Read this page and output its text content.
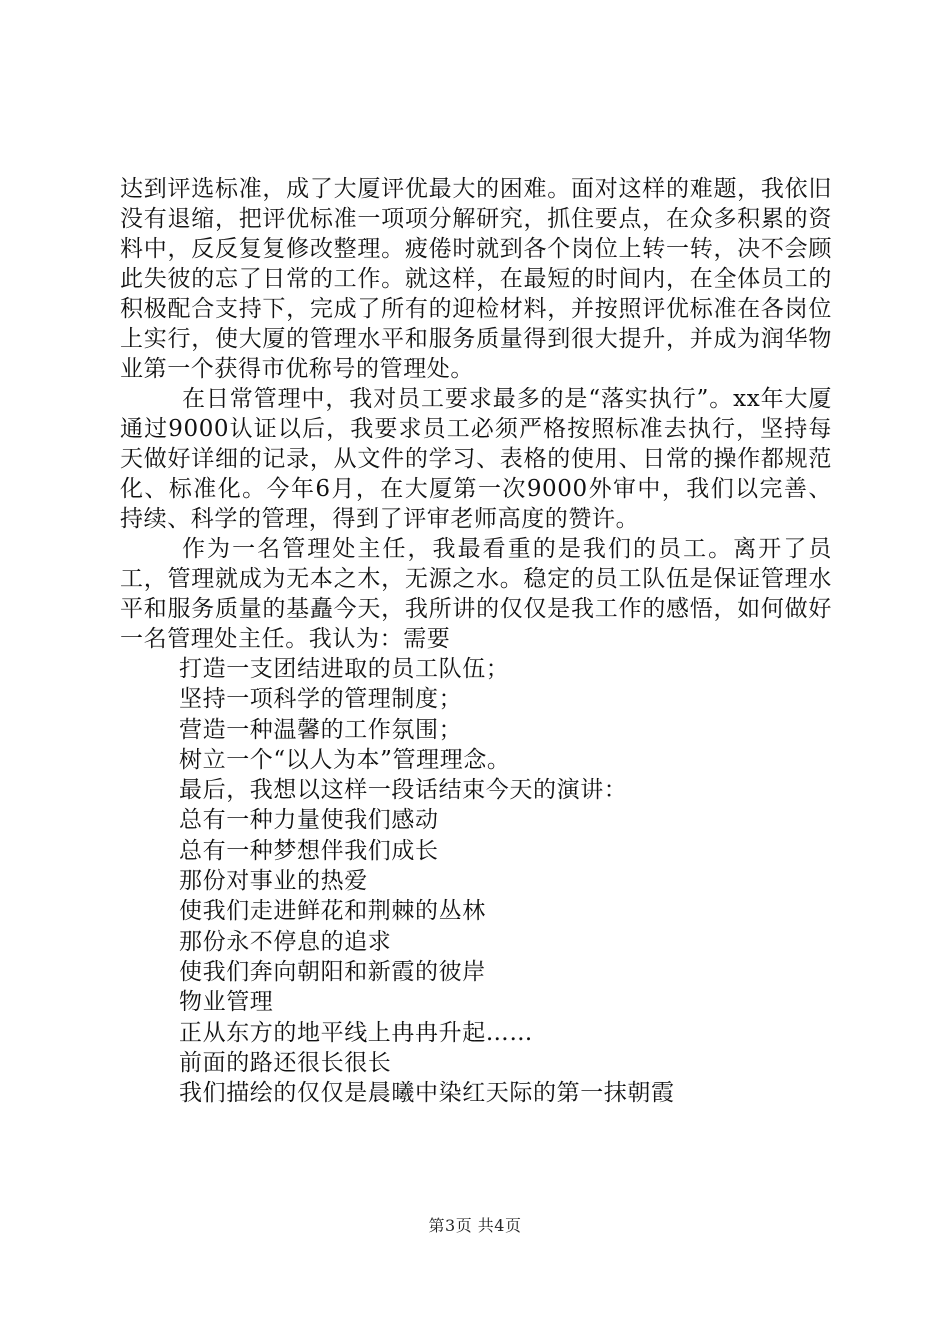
达到评选标准，成了大厦评优最大的困难。面对这样的难题，我依旧没有退缩，把评优标准一项项分解研究，抓住要点，在众多积累的资料中，反反复复修改整理。疲倦时就到各个岗位上转一转，决不会顾此失彼的忘了日常的工作。就这样，在最短的时间内，在全体员工的积极配合支持下，完成了所有的迎检材料，并按照评优标准在各岗位上实行，使大厦的管理水平和服务质量得到很大提升，并成为润华物业第一个获得市优称号的管理处。

在日常管理中，我对员工要求最多的是“落实执行”。xx年大厦通过9000认证以后，我要求员工必须严格按照标准去执行，坚持每天做好详细的记录，从文件的学习、表格的使用、日常的操作都规范化、标准化。今年6月，在大厦第一次9000外审中，我们以完善、持续、科学的管理，得到了评审老师高度的赞许。

作为一名管理处主任，我最看重的是我们的员工。离开了员工，管理就成为无本之木，无源之水。稳定的员工队伍是保证管理水平和服务质量的基矗今天，我所讲的仅仅是我工作的感悟，如何做好一名管理处主任。我认为：需要

打造一支团结进取的员工队伍；

坚持一项科学的管理制度；

营造一种温馨的工作氛围；

树立一个“以人为本”管理理念。

最后，我想以这样一段话结束今天的演讲：

总有一种力量使我们感动

总有一种梦想伴我们成长

那份对事业的热爱

使我们走进鲜花和荆棘的丛林

那份永不停息的追求

使我们奔向朝阳和新霞的彼岸

物业管理

正从东方的地平线上冉冉升起……

前面的路还很长很长

我们描绘的仅仅是晨曦中染红天际的第一抹朝霞

第3页 共4页
